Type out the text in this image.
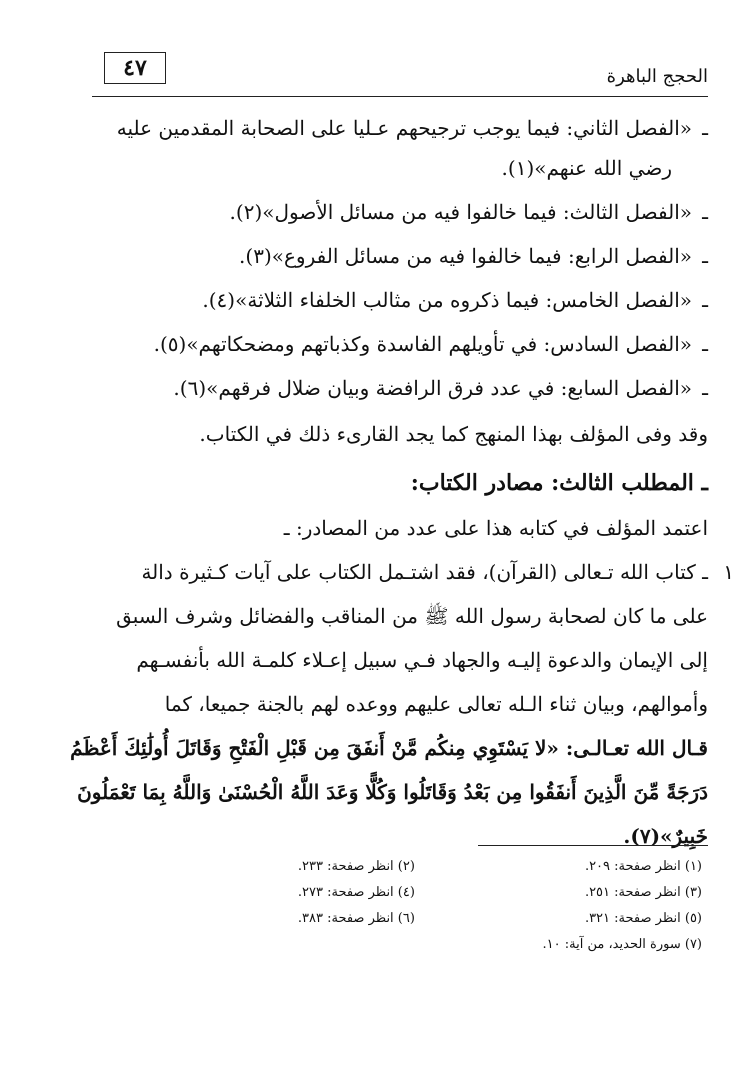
٤٧	الحجج الباهرة
ـ
«الفصل الثاني: فيما يوجب ترجيحهم عـليا على الصحابة المقدمين عليه
رضي الله عنهم»(١).
ـ
«الفصل الثالث: فيما خالفوا فيه من مسائل الأصول»(٢).
ـ
«الفصل الرابع: فيما خالفوا فيه من مسائل الفروع»(٣).
ـ
«الفصل الخامس: فيما ذكروه من مثالب الخلفاء الثلاثة»(٤).
ـ
«الفصل السادس: في تأويلهم الفاسدة وكذباتهم ومضحكاتهم»(٥).
ـ
«الفصل السابع: في عدد فرق الرافضة وبيان ضلال فرقهم»(٦).
وقد وفى المؤلف بهذا المنهج كما يجد القارىء ذلك في الكتاب.
ـ المطلب الثالث: مصادر الكتاب:
اعتمد المؤلف في كتابه هذا على عدد من المصادر: ـ
١
ـ كتاب الله تـعالى (القرآن)، فقد اشتـمل الكتاب على آيات كـثيرة دالة
على ما كان لصحابة رسول الله ﷺ من المناقب والفضائل وشرف السبق
إلى الإيمان والدعوة إليـه والجهاد فـي سبيل إعـلاء كلمـة الله بأنفسـهم
وأموالهم، وبيان ثناء الـله تعالى عليهم ووعده لهم بالجنة جميعا، كما
قـال الله تعـالـى: «لا يَسْتَوِي مِنكُم مَّنْ أَنفَقَ مِن قَبْلِ الْفَتْحِ وَقَاتَلَ أُولَٰئِكَ أَعْظَمُ
دَرَجَةً مِّنَ الَّذِينَ أَنفَقُوا مِن بَعْدُ وَقَاتَلُوا وَكُلًّا وَعَدَ اللَّهُ الْحُسْنَىٰ وَاللَّهُ بِمَا تَعْمَلُونَ
خَبِيرٌ»(٧).
(١) انظر صفحة: ٢٠٩.
(٢) انظر صفحة: ٢٣٣.
(٣) انظر صفحة: ٢٥١.
(٤) انظر صفحة: ٢٧٣.
(٥) انظر صفحة: ٣٢١.
(٦) انظر صفحة: ٣٨٣.
(٧) سورة الحديد، من آية: ١٠.
